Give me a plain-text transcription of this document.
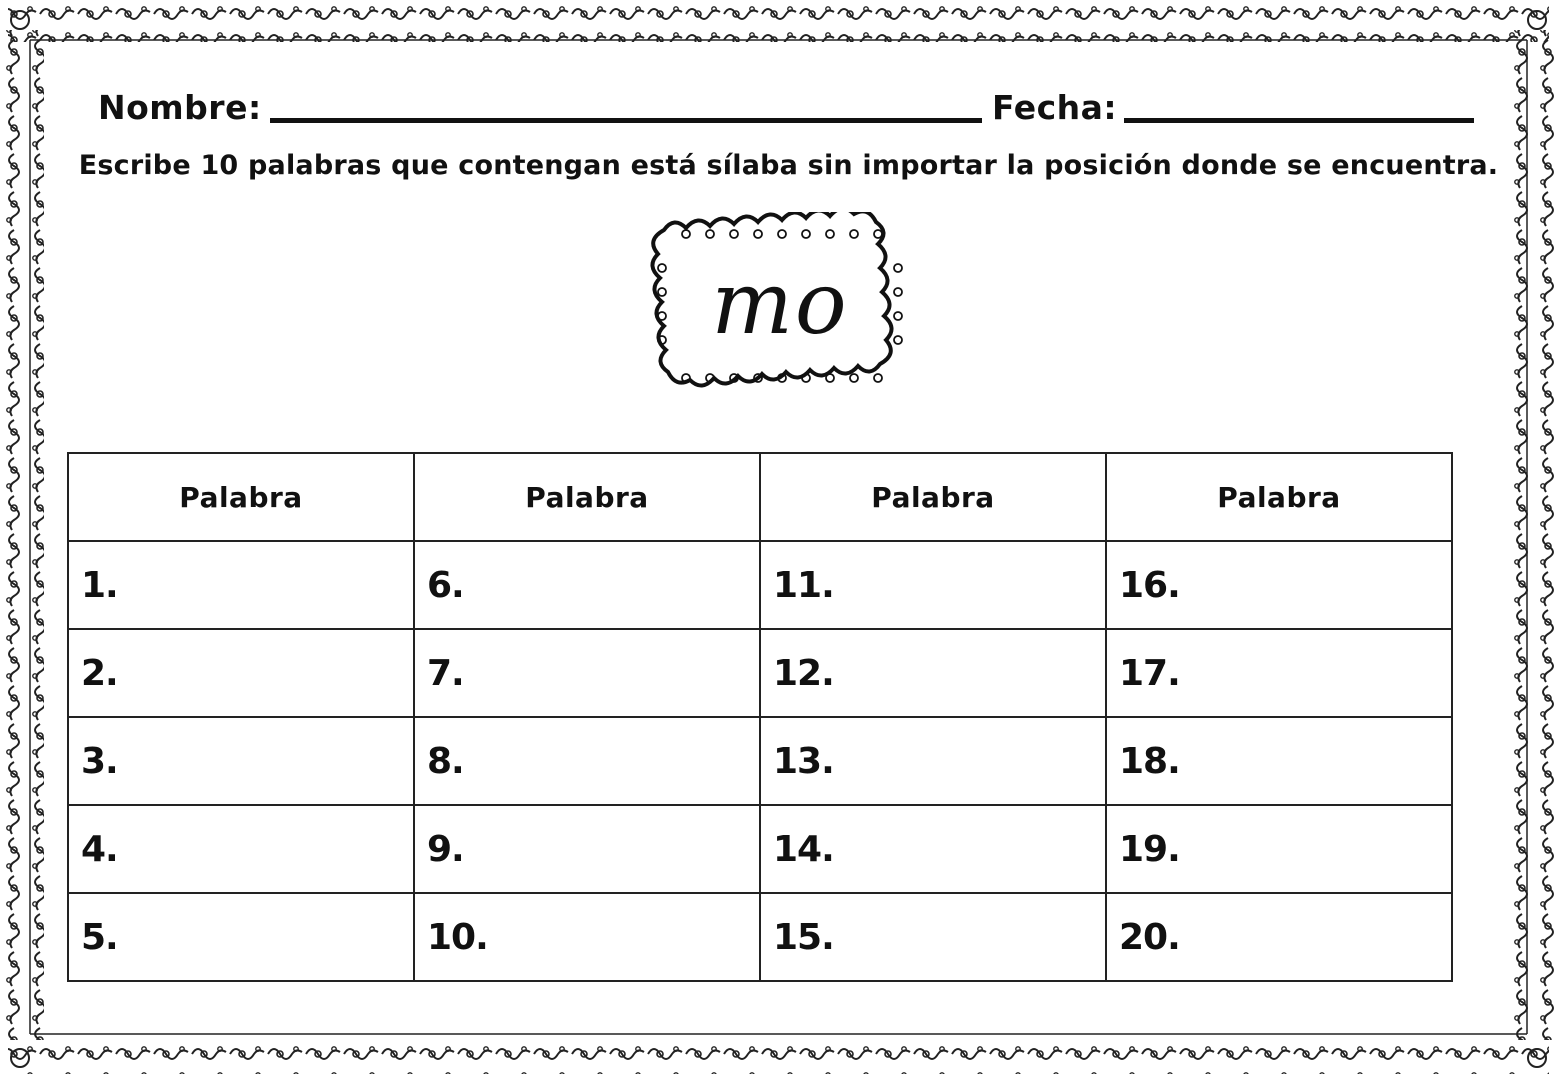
Nombre:	Fecha:
Escribe 10 palabras que contengan está sílaba sin importar la posición donde se encuentra.
mo
Palabra	Palabra	Palabra	Palabra
1.	6.	11.	16.
2.	7.	12.	17.
3.	8.	13.	18.
4.	9.	14.	19.
5.	10.	15.	20.
